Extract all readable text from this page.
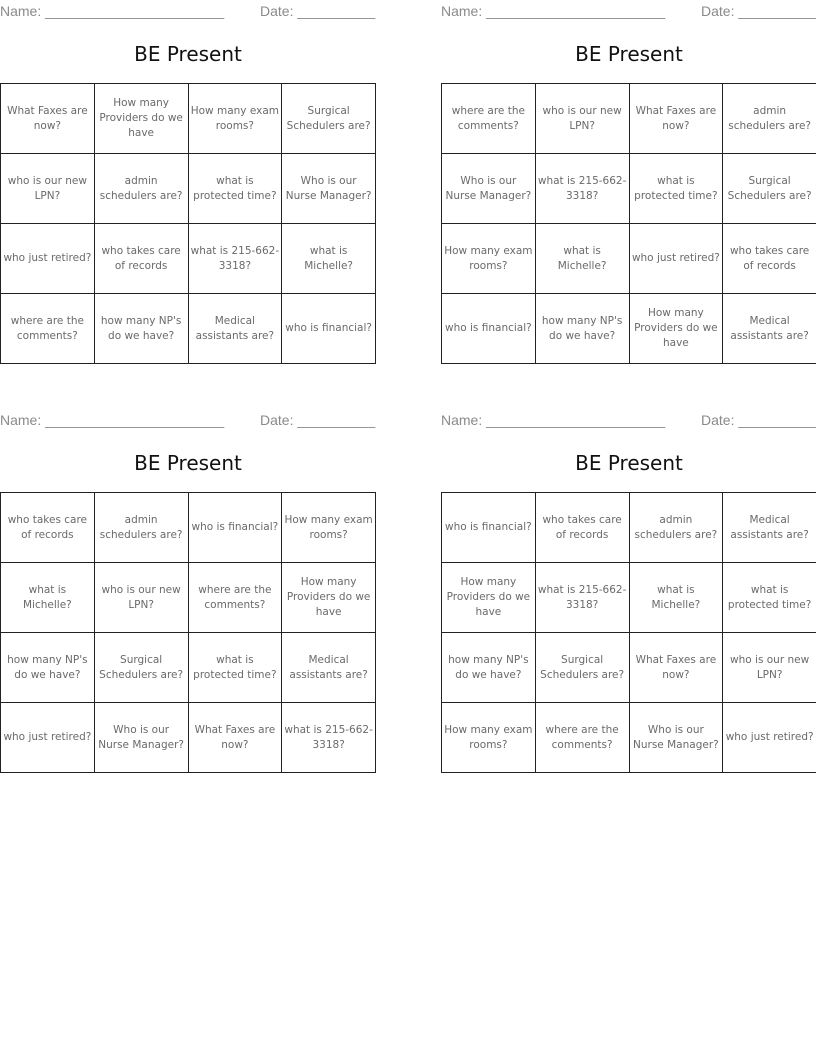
Name: _______________________	Date: __________
BE Present
What Faxes are now?	How many Providers do we have	How many exam rooms?	Surgical Schedulers are?
who is our new LPN?	admin schedulers are?	what is protected time?	Who is our Nurse Manager?
who just retired?	who takes care of records	what is 215-662-3318?	what is Michelle?
where are the comments?	how many NP's do we have?	Medical assistants are?	who is financial?
Name: _______________________	Date: __________
BE Present
where are the comments?	who is our new LPN?	What Faxes are now?	admin schedulers are?
Who is our Nurse Manager?	what is 215-662-3318?	what is protected time?	Surgical Schedulers are?
How many exam rooms?	what is Michelle?	who just retired?	who takes care of records
who is financial?	how many NP's do we have?	How many Providers do we have	Medical assistants are?
Name: _______________________	Date: __________
BE Present
who takes care of records	admin schedulers are?	who is financial?	How many exam rooms?
what is Michelle?	who is our new LPN?	where are the comments?	How many Providers do we have
how many NP's do we have?	Surgical Schedulers are?	what is protected time?	Medical assistants are?
who just retired?	Who is our Nurse Manager?	What Faxes are now?	what is 215-662-3318?
Name: _______________________	Date: __________
BE Present
who is financial?	who takes care of records	admin schedulers are?	Medical assistants are?
How many Providers do we have	what is 215-662-3318?	what is Michelle?	what is protected time?
how many NP's do we have?	Surgical Schedulers are?	What Faxes are now?	who is our new LPN?
How many exam rooms?	where are the comments?	Who is our Nurse Manager?	who just retired?
